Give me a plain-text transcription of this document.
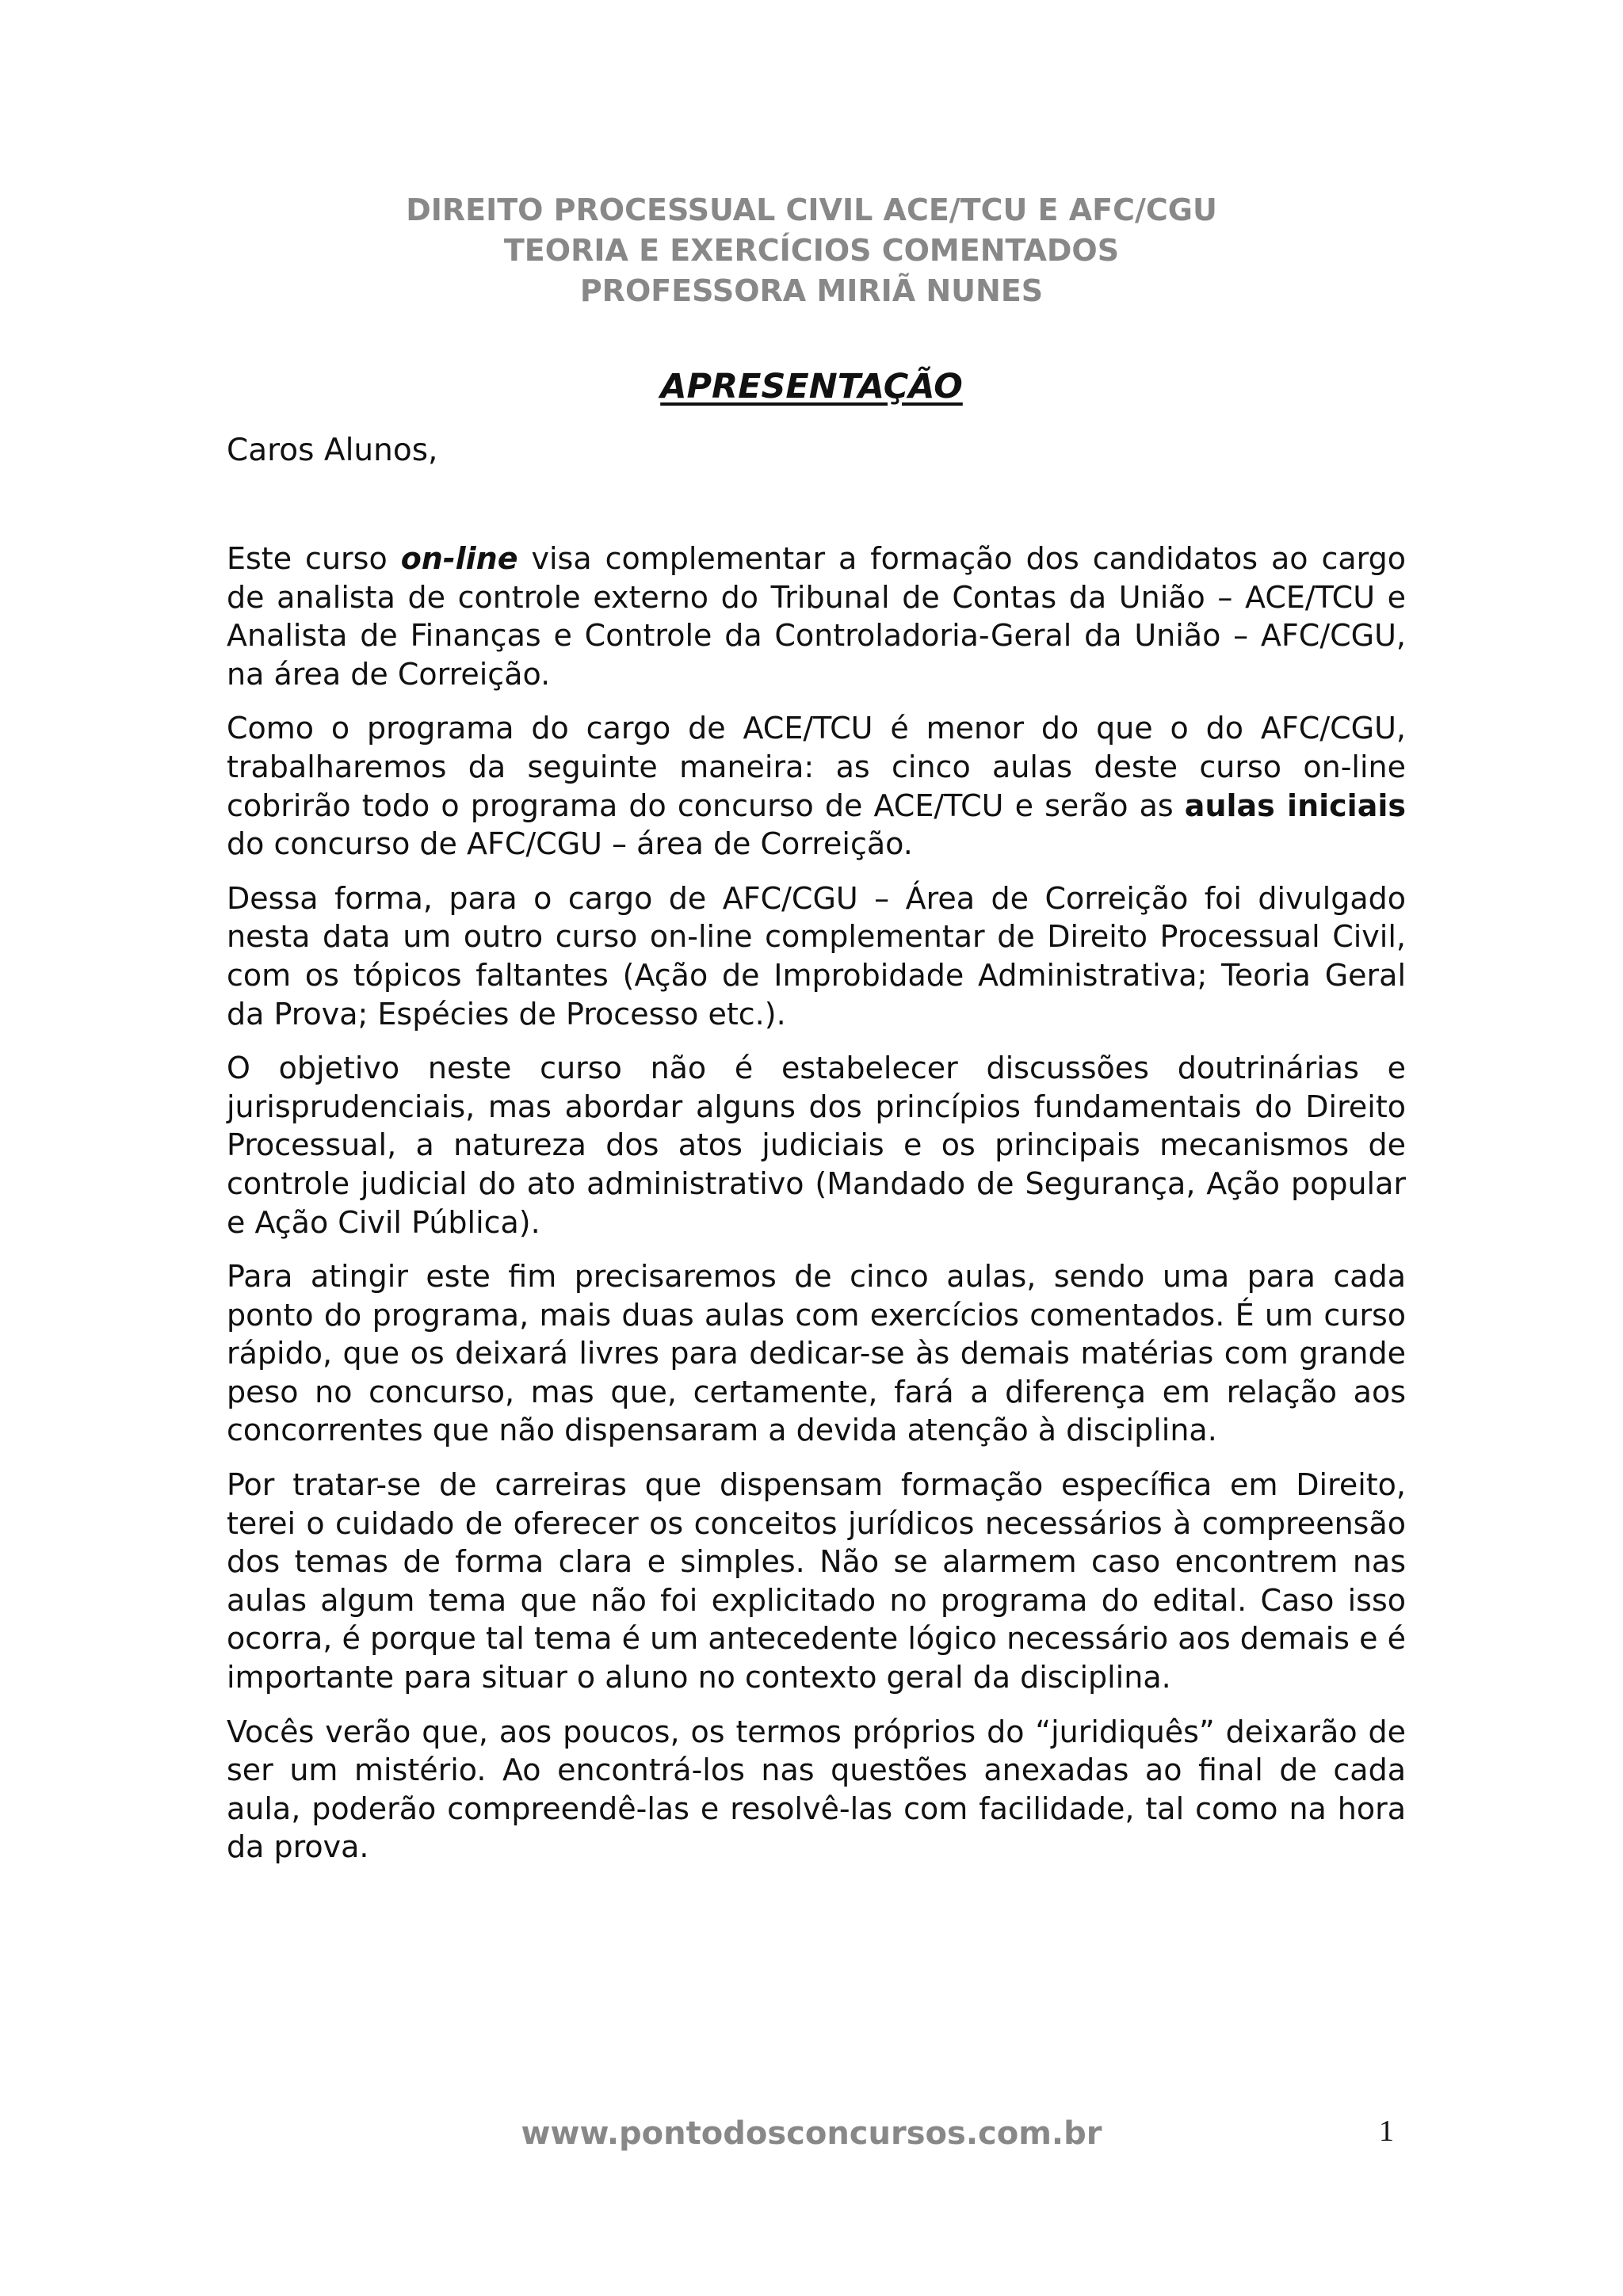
DIREITO PROCESSUAL CIVIL ACE/TCU E AFC/CGU
TEORIA E EXERCÍCIOS COMENTADOS
PROFESSORA MIRIÃ NUNES
APRESENTAÇÃO
Caros Alunos,

Este curso on-line visa complementar a formação dos candidatos ao cargo de analista de controle externo do Tribunal de Contas da União – ACE/TCU e Analista de Finanças e Controle da Controladoria-Geral da União – AFC/CGU, na área de Correição.

Como o programa do cargo de ACE/TCU é menor do que o do AFC/CGU, trabalharemos da seguinte maneira: as cinco aulas deste curso on-line cobrirão todo o programa do concurso de ACE/TCU e serão as aulas iniciais do concurso de AFC/CGU – área de Correição.

Dessa forma, para o cargo de AFC/CGU – Área de Correição foi divulgado nesta data um outro curso on-line complementar de Direito Processual Civil, com os tópicos faltantes (Ação de Improbidade Administrativa; Teoria Geral da Prova; Espécies de Processo etc.).

O objetivo neste curso não é estabelecer discussões doutrinárias e jurisprudenciais, mas abordar alguns dos princípios fundamentais do Direito Processual, a natureza dos atos judiciais e os principais mecanismos de controle judicial do ato administrativo (Mandado de Segurança, Ação popular e Ação Civil Pública).

Para atingir este fim precisaremos de cinco aulas, sendo uma para cada ponto do programa, mais duas aulas com exercícios comentados. É um curso rápido, que os deixará livres para dedicar-se às demais matérias com grande peso no concurso, mas que, certamente, fará a diferença em relação aos concorrentes que não dispensaram a devida atenção à disciplina.

Por tratar-se de carreiras que dispensam formação específica em Direito, terei o cuidado de oferecer os conceitos jurídicos necessários à compreensão dos temas de forma clara e simples. Não se alarmem caso encontrem nas aulas algum tema que não foi explicitado no programa do edital. Caso isso ocorra, é porque tal tema é um antecedente lógico necessário aos demais e é importante para situar o aluno no contexto geral da disciplina.

Vocês verão que, aos poucos, os termos próprios do “juridiquês” deixarão de ser um mistério. Ao encontrá-los nas questões anexadas ao final de cada aula, poderão compreendê-las e resolvê-las com facilidade, tal como na hora da prova.

www.pontodosconcursos.com.br	1
